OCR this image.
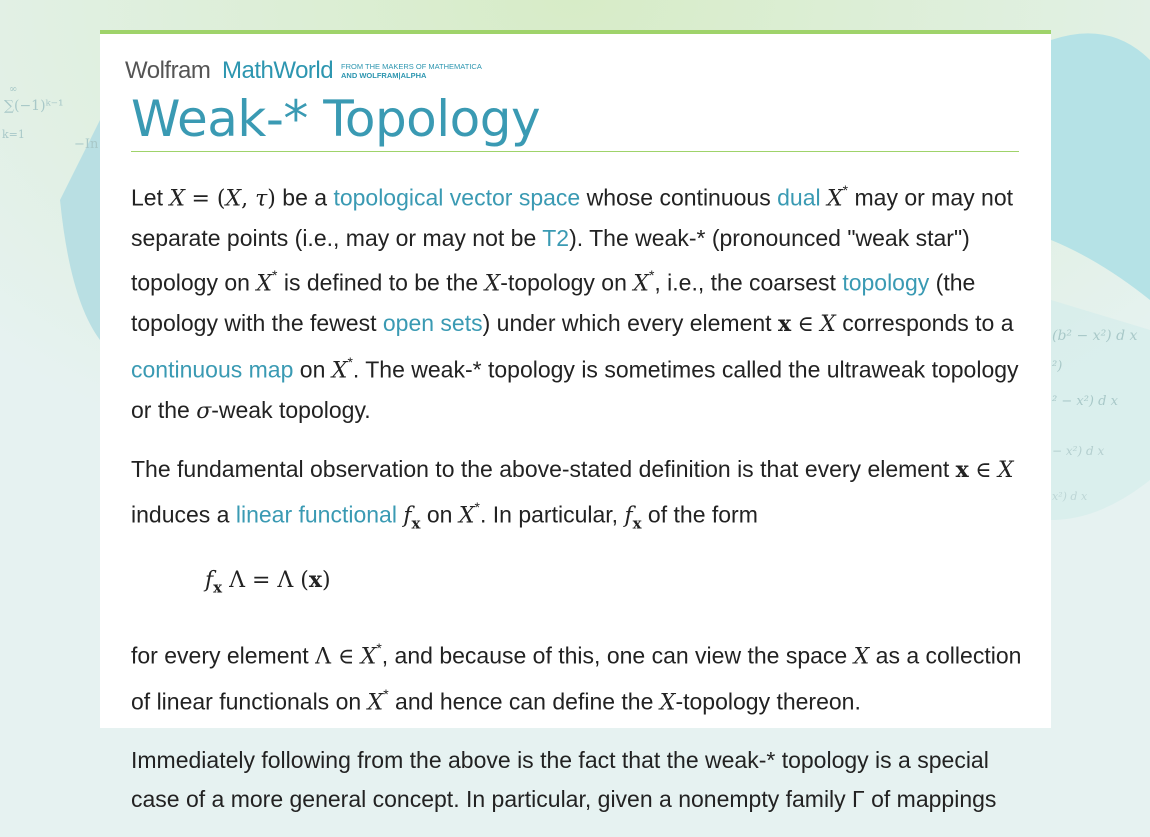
∑(−1)ᵏ⁻¹
k=1
∞
−In
(b² − x²) d x
²)
² − x²) d x
− x²) d x
x²) d x
Wolfram MathWorld FROM THE MAKERS OF MATHEMATICA
AND WOLFRAM|ALPHA
Weak-* Topology

Let X = (X, τ) be a topological vector space whose continuous dual X* may or may not separate points (i.e., may or may not be T2). The weak-* (pronounced "weak star") topology on X* is defined to be the X-topology on X*, i.e., the coarsest topology (the topology with the fewest open sets) under which every element x ∈ X corresponds to a continuous map on X*. The weak-* topology is sometimes called the ultraweak topology or the σ-weak topology.

The fundamental observation to the above-stated definition is that every element x ∈ X induces a linear functional $f_x$ on X*. In particular, $f_x$ of the form

$f_x$ Λ = Λ (x)

for every element Λ ∈ X*, and because of this, one can view the space X as a collection of linear functionals on X* and hence can define the X-topology thereon.

Immediately following from the above is the fact that the weak-* topology is a special case of a more general concept. In particular, given a nonempty family Γ of mappings
